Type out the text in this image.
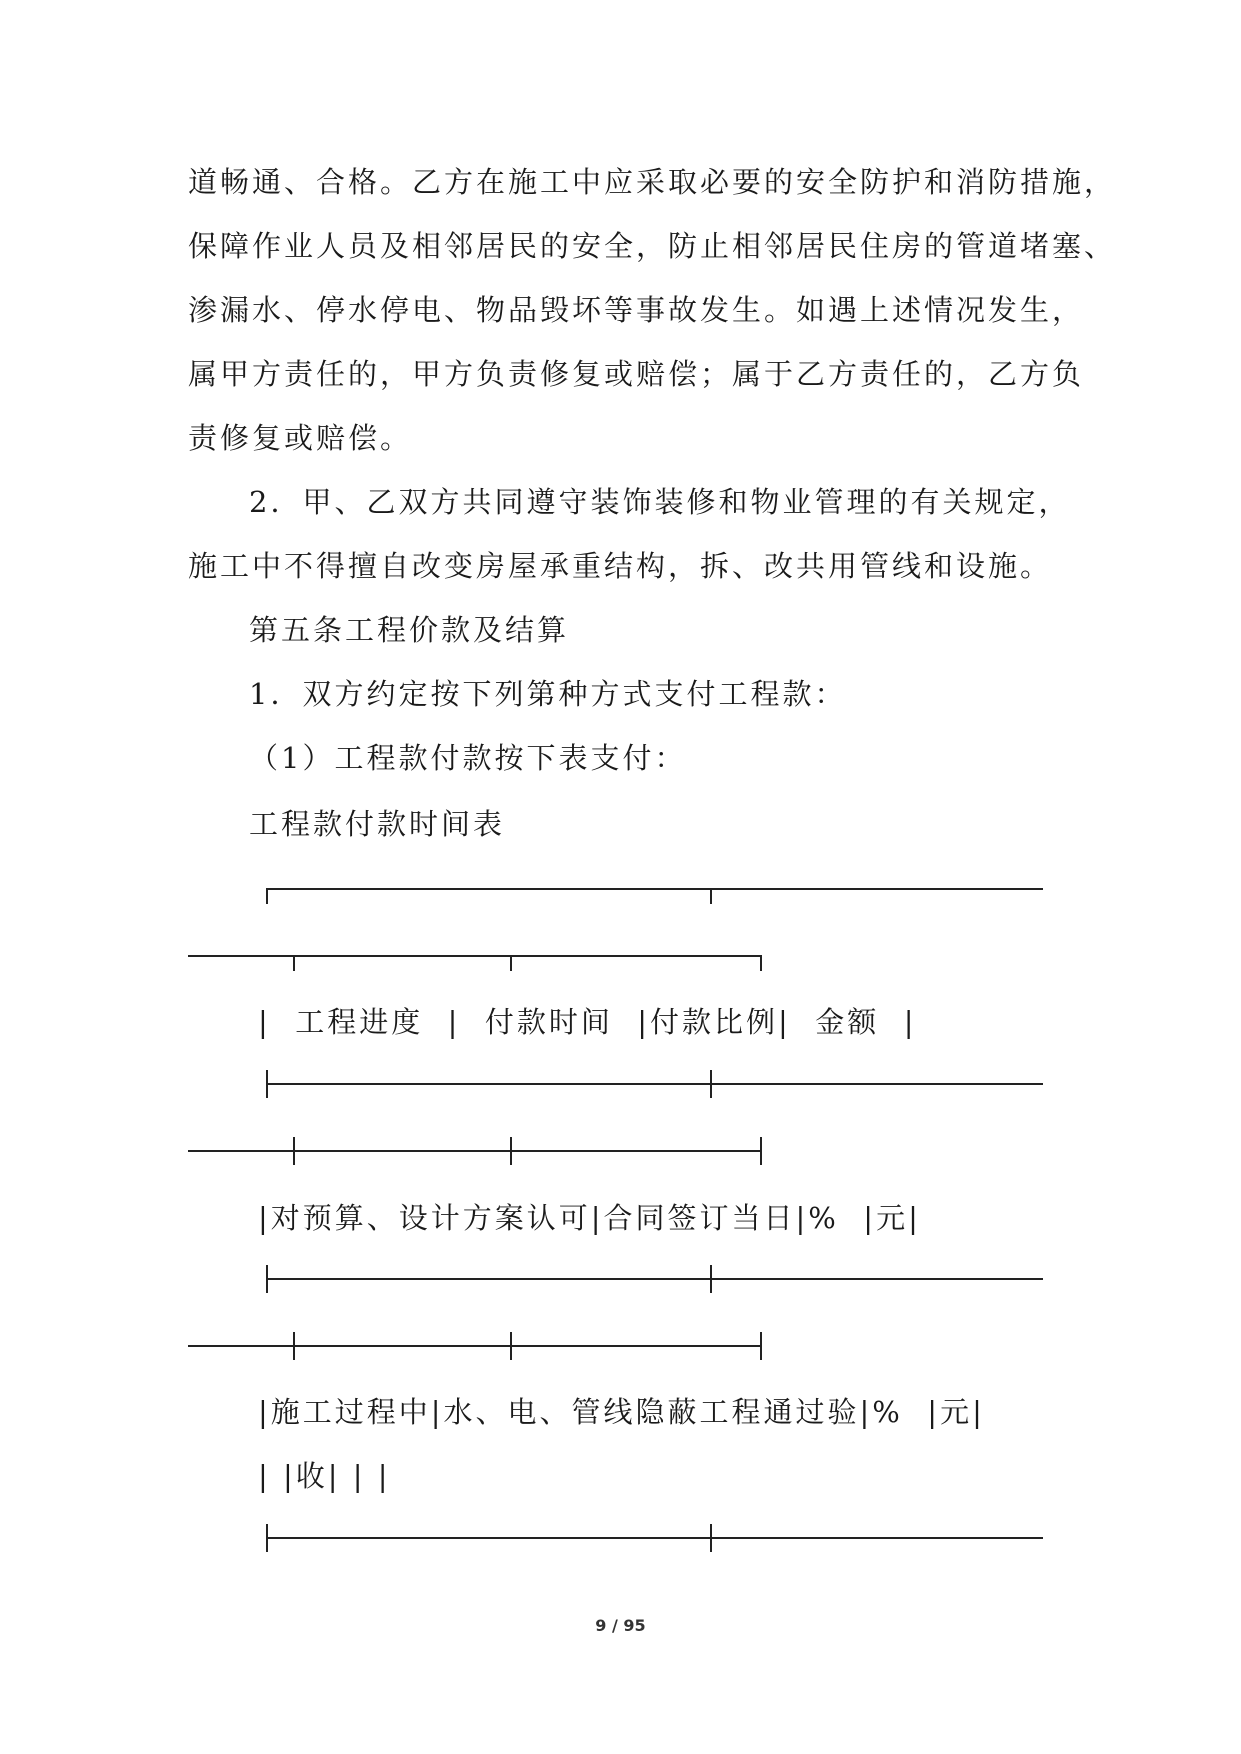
道畅通、合格。乙方在施工中应采取必要的安全防护和消防措施，
保障作业人员及相邻居民的安全，防止相邻居民住房的管道堵塞、
渗漏水、停水停电、物品毁坏等事故发生。如遇上述情况发生，
属甲方责任的，甲方负责修复或赔偿；属于乙方责任的，乙方负
责修复或赔偿。
2．甲、乙双方共同遵守装饰装修和物业管理的有关规定，
施工中不得擅自改变房屋承重结构，拆、改共用管线和设施。
第五条工程价款及结算
1．双方约定按下列第种方式支付工程款：
（1）工程款付款按下表支付：
工程款付款时间表
|  工程进度  |  付款时间  |付款比例|  金额  |
|对预算、设计方案认可|合同签订当日|%  |元|
|施工过程中|水、电、管线隐蔽工程通过验|%  |元|
| |收| | |
9 / 95
